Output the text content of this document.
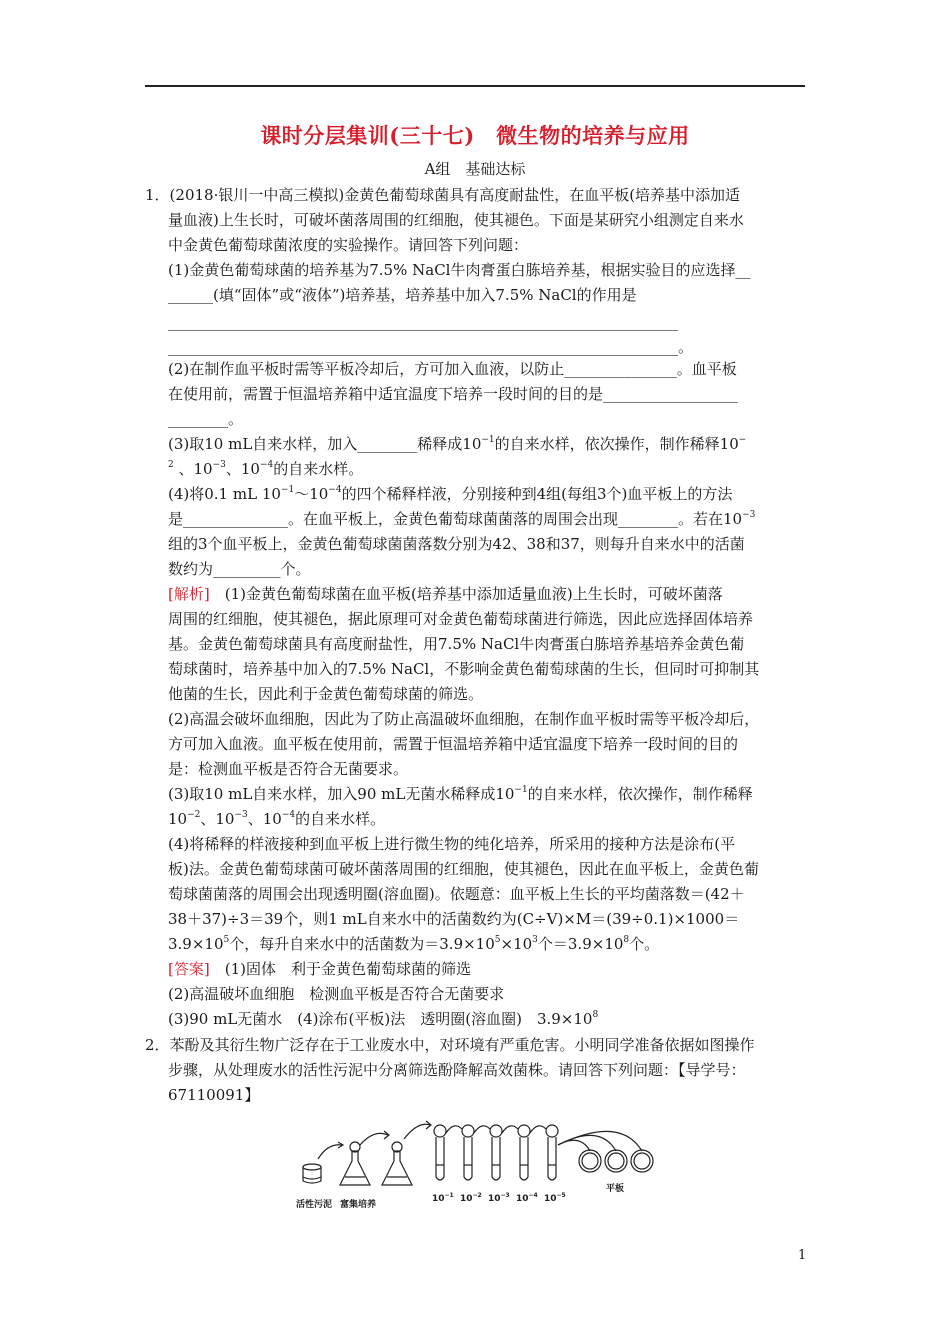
课时分层集训(三十七)　微生物的培养与应用
A组　基础达标
1．(2018·银川一中高三模拟)金黄色葡萄球菌具有高度耐盐性，在血平板(培养基中添加适
量血液)上生长时，可破坏菌落周围的红细胞，使其褪色。下面是某研究小组测定自来水
中金黄色葡萄球菌浓度的实验操作。请回答下列问题：
(1)金黄色葡萄球菌的培养基为7.5% NaCl牛肉膏蛋白胨培养基，根据实验目的应选择__
______(填“固体”或“液体”)培养基，培养基中加入7.5% NaCl的作用是
____________________________________________________________________
____________________________________________________________________。
(2)在制作血平板时需等平板冷却后，方可加入血液，以防止_______________。血平板
在使用前，需置于恒温培养箱中适宜温度下培养一段时间的目的是__________________
________。
(3)取10 mL自来水样，加入________稀释成$10^{-1}$的自来水样，依次操作，制作稀释10−
$^2$ 、$10^{-3}$、$10^{-4}$的自来水样。
(4)将0.1 mL $10^{-1}\sim 10^{-4}$的四个稀释样液，分别接种到4组(每组3个)血平板上的方法
是______________。在血平板上，金黄色葡萄球菌菌落的周围会出现________。若在$10^{-3}$
组的3个血平板上，金黄色葡萄球菌菌落数分别为42、38和37，则每升自来水中的活菌
数约为_________个。
[解析]　 (1)金黄色葡萄球菌在血平板(培养基中添加适量血液)上生长时，可破坏菌落
周围的红细胞，使其褪色，据此原理可对金黄色葡萄球菌进行筛选，因此应选择固体培养
基。金黄色葡萄球菌具有高度耐盐性，用7.5% NaCl牛肉膏蛋白胨培养基培养金黄色葡
萄球菌时，培养基中加入的7.5% NaCl，不影响金黄色葡萄球菌的生长，但同时可抑制其
他菌的生长，因此利于金黄色葡萄球菌的筛选。
(2)高温会破坏血细胞，因此为了防止高温破坏血细胞，在制作血平板时需等平板冷却后，
方可加入血液。血平板在使用前，需置于恒温培养箱中适宜温度下培养一段时间的目的
是：检测血平板是否符合无菌要求。
(3)取10 mL自来水样，加入90 mL无菌水稀释成$10^{-1}$的自来水样，依次操作，制作稀释
$10^{-2}$、$10^{-3}$、$10^{-4}$的自来水样。
(4)将稀释的样液接种到血平板上进行微生物的纯化培养，所采用的接种方法是涂布(平
板)法。金黄色葡萄球菌可破坏菌落周围的红细胞，使其褪色，因此在血平板上，金黄色葡
萄球菌菌落的周围会出现透明圈(溶血圈)。依题意：血平板上生长的平均菌落数＝(42＋
38＋37)÷3＝39个，则1 mL自来水中的活菌数约为(C÷V)×M＝(39÷0.1)×1000＝
$3.9\times 10^5$个，每升自来水中的活菌数为$=3.9\times 10^5\times 10^3$个$=3.9\times 10^8$个。
[答案]　 (1)固体　利于金黄色葡萄球菌的筛选
(2)高温破坏血细胞　检测血平板是否符合无菌要求
(3)90 mL无菌水　(4)涂布(平板)法　透明圈(溶血圈)　$3.9\times 10^8$
2．苯酚及其衍生物广泛存在于工业废水中，对环境有严重危害。小明同学准备依据如图操作
步骤，从处理废水的活性污泥中分离筛选酚降解高效菌株。请回答下列问题：【导学号：
67110091】
活性污泥 富集培养
平板
$10^{-1}$ $10^{-2}$ $10^{-3}$ $10^{-4}$ $10^{-5}$
1
